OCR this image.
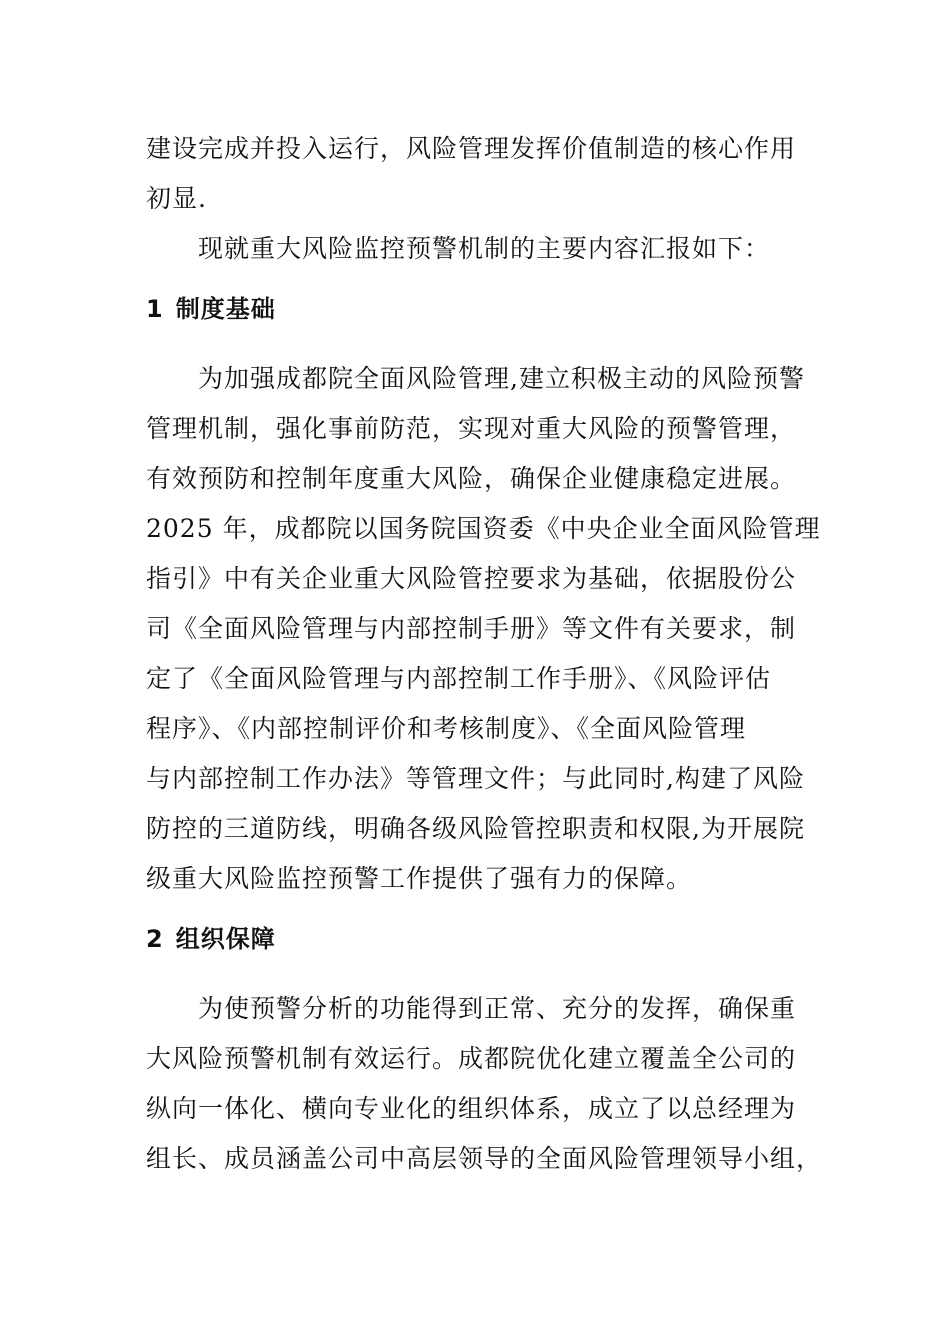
建设完成并投入运行，风险管理发挥价值制造的核心作用
初显.
现就重大风险监控预警机制的主要内容汇报如下：
1 制度基础
为加强成都院全面风险管理,建立积极主动的风险预警
管理机制，强化事前防范，实现对重大风险的预警管理，
有效预防和控制年度重大风险，确保企业健康稳定进展。
2025 年，成都院以国务院国资委《中央企业全面风险管理
指引》中有关企业重大风险管控要求为基础，依据股份公
司《全面风险管理与内部控制手册》等文件有关要求，制
定了《全面风险管理与内部控制工作手册》、《风险评估
程序》、《内部控制评价和考核制度》、《全面风险管理
与内部控制工作办法》等管理文件；与此同时,构建了风险
防控的三道防线，明确各级风险管控职责和权限,为开展院
级重大风险监控预警工作提供了强有力的保障。
2 组织保障
为使预警分析的功能得到正常、充分的发挥，确保重
大风险预警机制有效运行。成都院优化建立覆盖全公司的
纵向一体化、横向专业化的组织体系，成立了以总经理为
组长、成员涵盖公司中高层领导的全面风险管理领导小组，
